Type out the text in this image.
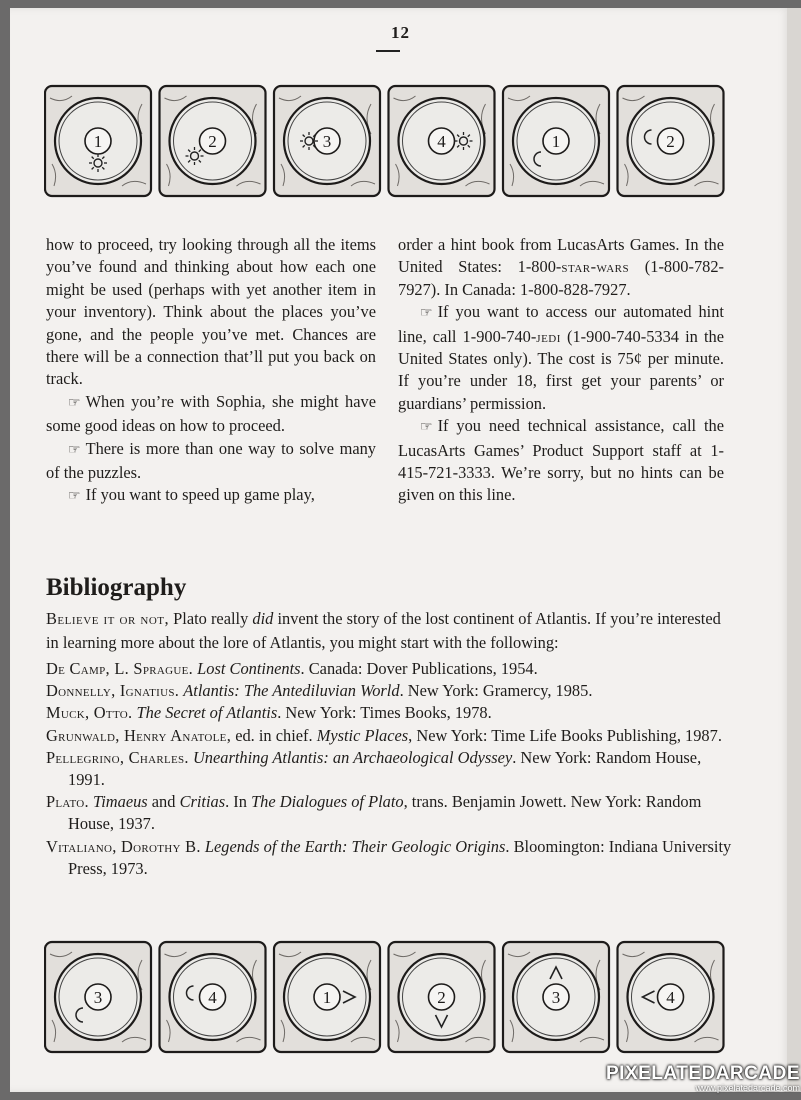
12
1	2	3	4	1	2

how to proceed, try looking through all the items you’ve found and thinking about how each one might be used (perhaps with yet another item in your inventory). Think about the places you’ve gone, and the people you’ve met. Chances are there will be a connection that’ll put you back on track.

☞ When you’re with Sophia, she might have some good ideas on how to proceed.

☞ There is more than one way to solve many of the puzzles.

☞ If you want to speed up game play,

order a hint book from LucasArts Games. In the United States: 1-800-star-wars (1-800-782-7927). In Canada: 1-800-828-7927.

☞ If you want to access our automated hint line, call 1-900-740-jedi (1-900-740-5334 in the United States only). The cost is 75¢ per minute. If you’re under 18, first get your parents’ or guardians’ permission.

☞ If you need technical assistance, call the LucasArts Games’ Product Support staff at 1-415-721-3333. We’re sorry, but no hints can be given on this line.

Bibliography

Believe it or not, Plato really did invent the story of the lost continent of Atlantis. If you’re interested in learning more about the lore of Atlantis, you might start with the following:

De Camp, L. Sprague. Lost Continents. Canada: Dover Publications, 1954.
Donnelly, Ignatius. Atlantis: The Antediluvian World. New York: Gramercy, 1985.
Muck, Otto. The Secret of Atlantis. New York: Times Books, 1978.
Grunwald, Henry Anatole, ed. in chief. Mystic Places, New York: Time Life Books Publishing, 1987.
Pellegrino, Charles. Unearthing Atlantis: an Archaeological Odyssey. New York: Random House, 1991.
Plato. Timaeus and Critias. In The Dialogues of Plato, trans. Benjamin Jowett. New York: Random House, 1937.
Vitaliano, Dorothy B. Legends of the Earth: Their Geologic Origins. Bloomington: Indiana University Press, 1973.
3	4	1	2	3	4
PIXELATEDARCADE
www.pixelatedarcade.com
